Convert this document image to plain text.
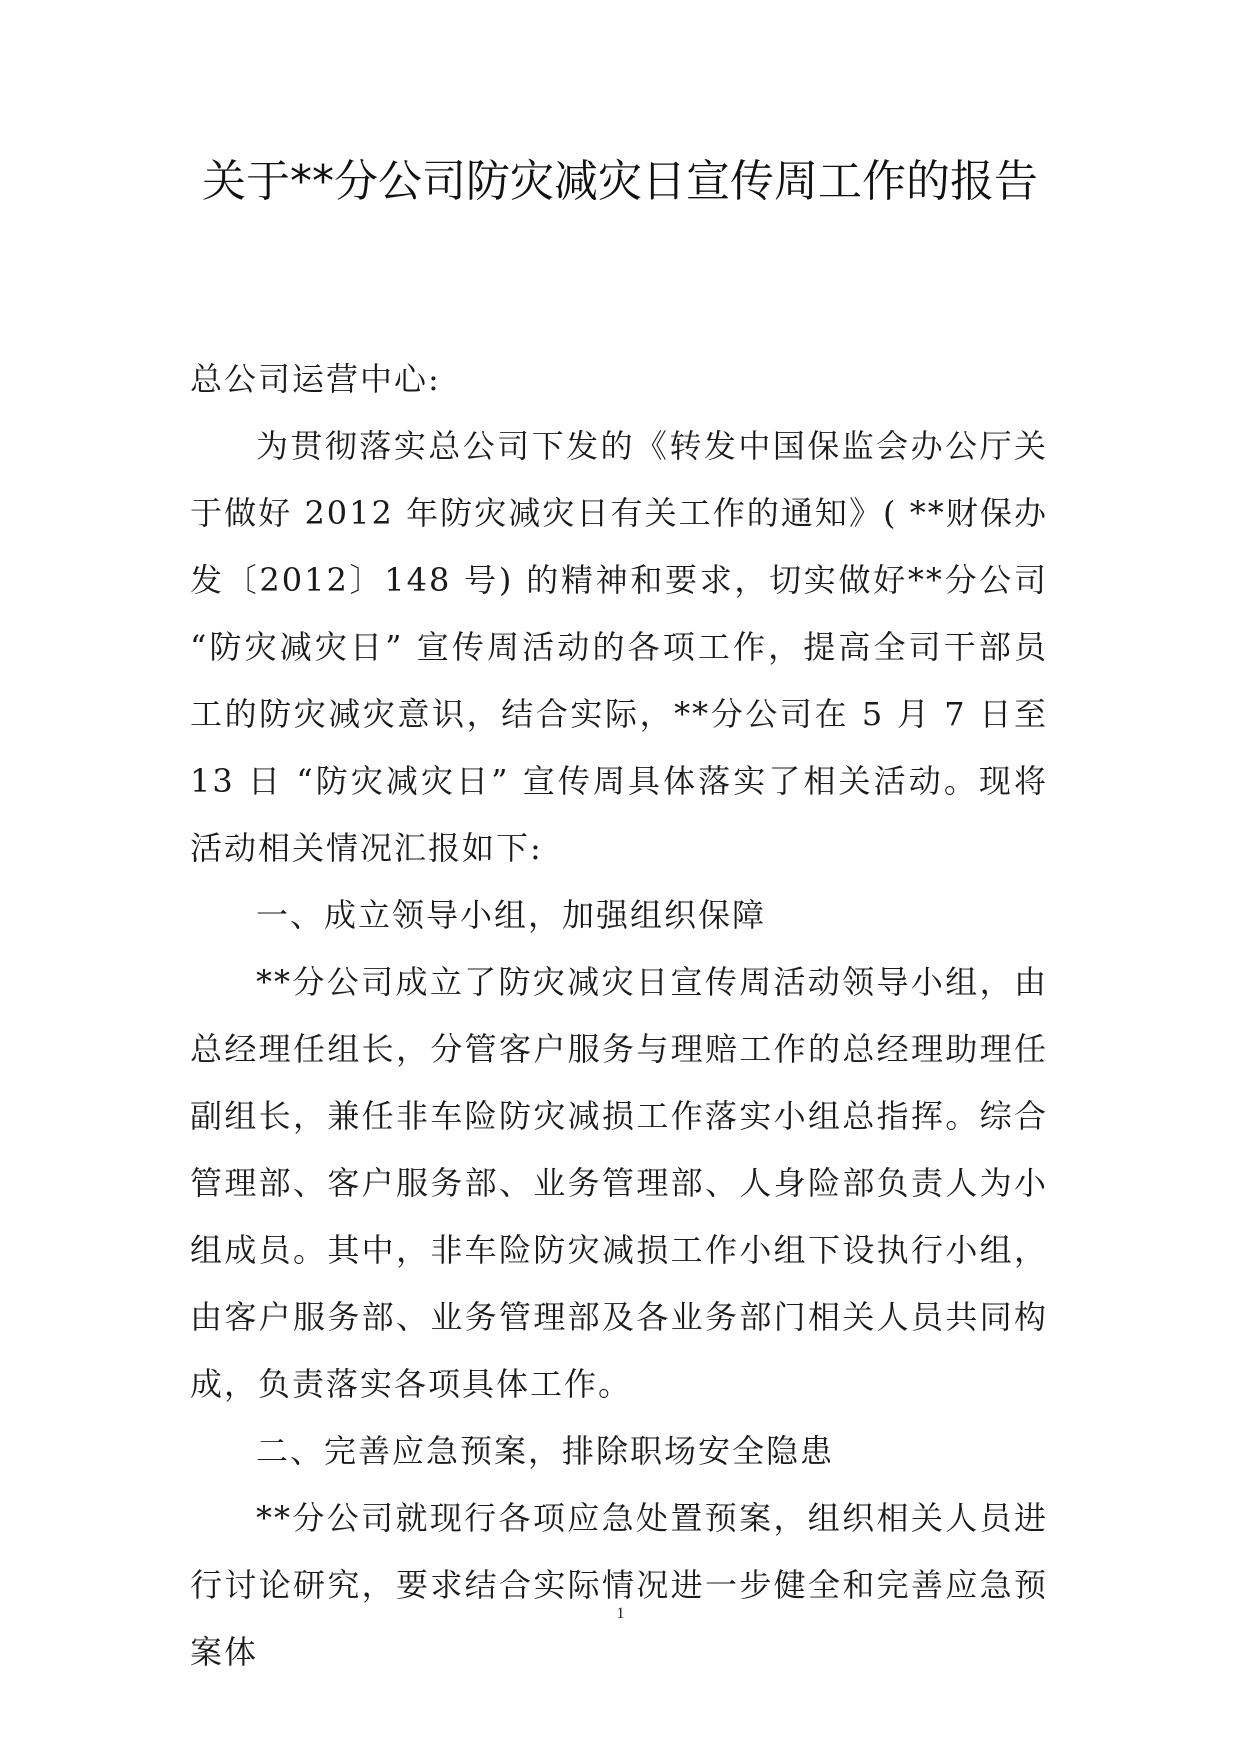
关于**分公司防灾减灾日宣传周工作的报告

总公司运营中心:

为贯彻落实总公司下发的《转发中国保监会办公厅关于做好 2012 年防灾减灾日有关工作的通知》( **财保办发〔2012〕148 号) 的精神和要求，切实做好**分公司 “防灾减灾日” 宣传周活动的各项工作，提高全司干部员工的防灾减灾意识，结合实际，**分公司在 5 月 7 日至 13 日 “防灾减灾日” 宣传周具体落实了相关活动。现将活动相关情况汇报如下:

一、成立领导小组，加强组织保障

**分公司成立了防灾减灾日宣传周活动领导小组，由总经理任组长，分管客户服务与理赔工作的总经理助理任副组长，兼任非车险防灾减损工作落实小组总指挥。综合管理部、客户服务部、业务管理部、人身险部负责人为小组成员。其中，非车险防灾减损工作小组下设执行小组，由客户服务部、业务管理部及各业务部门相关人员共同构成，负责落实各项具体工作。

二、完善应急预案，排除职场安全隐患

**分公司就现行各项应急处置预案，组织相关人员进行讨论研究，要求结合实际情况进一步健全和完善应急预案体

1
